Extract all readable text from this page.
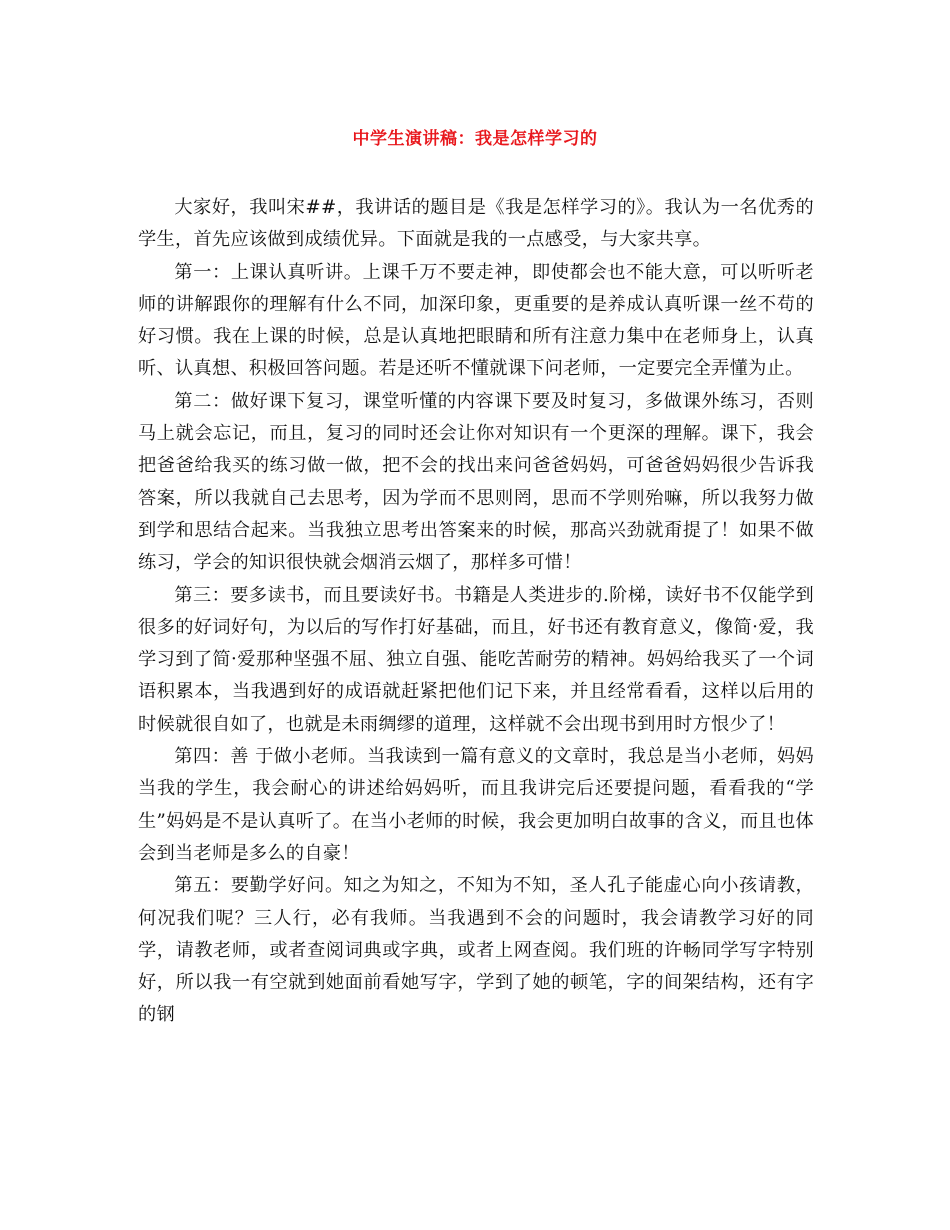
中学生演讲稿：我是怎样学习的

大家好，我叫宋##，我讲话的题目是《我是怎样学习的》。我认为一名优秀的学生，首先应该做到成绩优异。下面就是我的一点感受，与大家共享。

第一：上课认真听讲。上课千万不要走神，即使都会也不能大意，可以听听老师的讲解跟你的理解有什么不同，加深印象，更重要的是养成认真听课一丝不苟的好习惯。我在上课的时候，总是认真地把眼睛和所有注意力集中在老师身上，认真听、认真想、积极回答问题。若是还听不懂就课下问老师，一定要完全弄懂为止。

第二：做好课下复习，课堂听懂的内容课下要及时复习，多做课外练习，否则马上就会忘记，而且，复习的同时还会让你对知识有一个更深的理解。课下，我会把爸爸给我买的练习做一做，把不会的找出来问爸爸妈妈，可爸爸妈妈很少告诉我答案，所以我就自己去思考，因为学而不思则罔，思而不学则殆嘛，所以我努力做到学和思结合起来。当我独立思考出答案来的时候，那高兴劲就甭提了！如果不做练习，学会的知识很快就会烟消云烟了，那样多可惜！

第三：要多读书，而且要读好书。书籍是人类进步的.阶梯，读好书不仅能学到很多的好词好句，为以后的写作打好基础，而且，好书还有教育意义，像简·爱，我学习到了简·爱那种坚强不屈、独立自强、能吃苦耐劳的精神。妈妈给我买了一个词语积累本，当我遇到好的成语就赶紧把他们记下来，并且经常看看，这样以后用的时候就很自如了，也就是未雨绸缪的道理，这样就不会出现书到用时方恨少了！

第四：善 于做小老师。当我读到一篇有意义的文章时，我总是当小老师，妈妈当我的学生，我会耐心的讲述给妈妈听，而且我讲完后还要提问题，看看我的“学生”妈妈是不是认真听了。在当小老师的时候，我会更加明白故事的含义，而且也体会到当老师是多么的自豪！

第五：要勤学好问。知之为知之，不知为不知，圣人孔子能虚心向小孩请教，何况我们呢？三人行，必有我师。当我遇到不会的问题时，我会请教学习好的同学，请教老师，或者查阅词典或字典，或者上网查阅。我们班的许畅同学写字特别好，所以我一有空就到她面前看她写字，学到了她的顿笔，字的间架结构，还有字的钢
